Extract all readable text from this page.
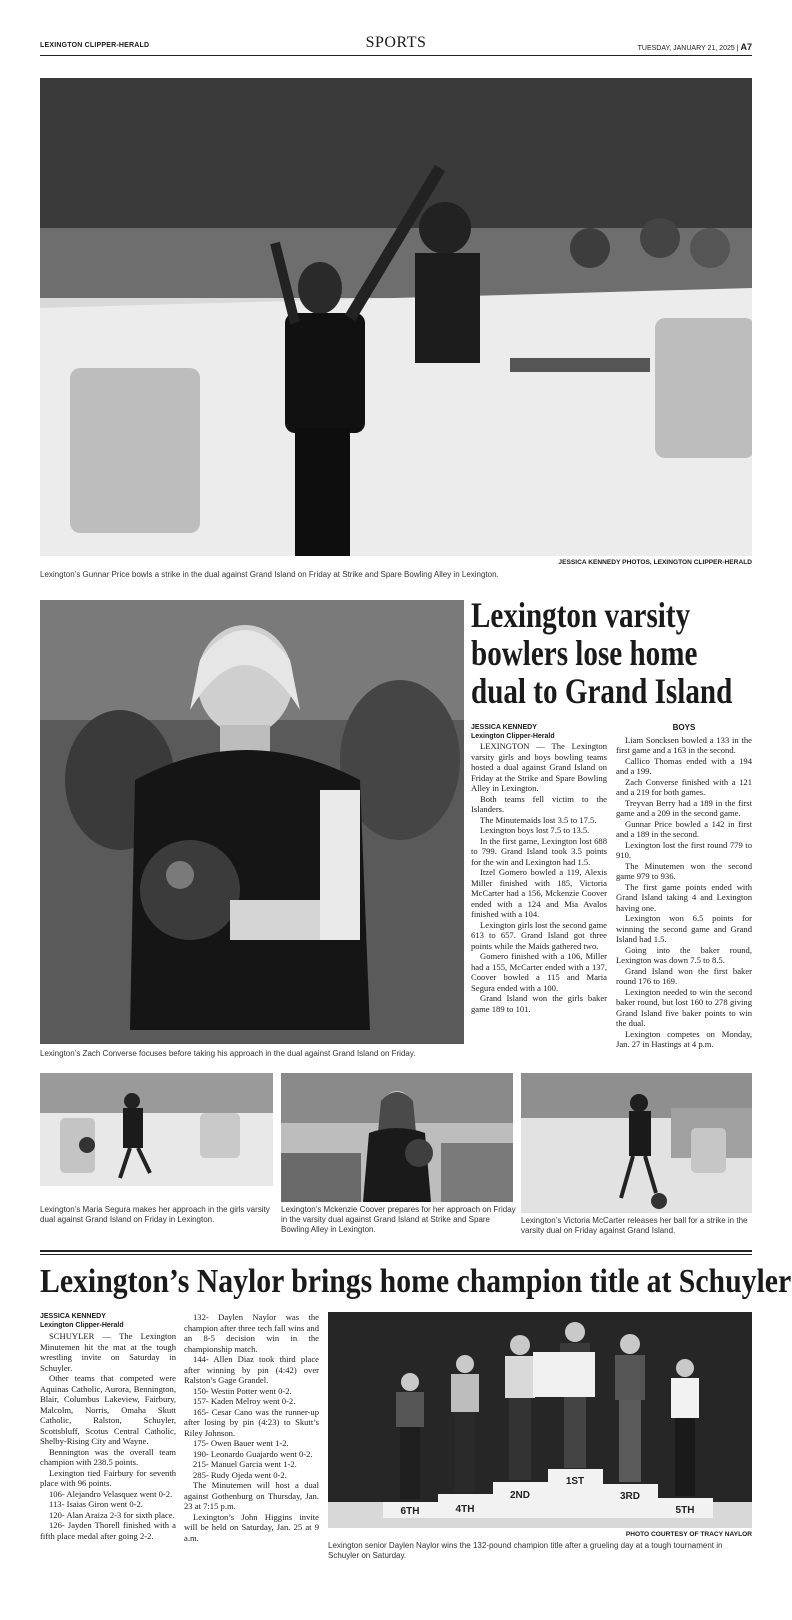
LEXINGTON CLIPPER-HERALD	SPORTS	TUESDAY, JANUARY 21, 2025 | A7
JESSICA KENNEDY PHOTOS, LEXINGTON CLIPPER-HERALD
Lexington’s Gunnar Price bowls a strike in the dual against Grand Island on Friday at Strike and Spare Bowling Alley in Lexington.
Lexington’s Zach Converse focuses before taking his approach in the dual against Grand Island on Friday.
Lexington varsity bowlers lose home dual to Grand Island
JESSICA KENNEDY
Lexington Clipper-Herald

LEXINGTON — The Lexington varsity girls and boys bowling teams hosted a dual against Grand Island on Friday at the Strike and Spare Bowling Alley in Lexington.

Both teams fell victim to the Islanders.

The Minutemaids lost 3.5 to 17.5.

Lexington boys lost 7.5 to 13.5.

In the first game, Lexington lost 688 to 799. Grand Island took 3.5 points for the win and Lexington had 1.5.

Itzel Gomero bowled a 119, Alexis Miller finished with 185, Victoria McCarter had a 156, Mckenzie Coover ended with a 124 and Mia Avalos finished with a 104.

Lexington girls lost the second game 613 to 657. Grand Island got three points while the Maids gathered two.

Gomero finished with a 106, Miller had a 155, McCarter ended with a 137, Coover bowled a 115 and Maria Segura ended with a 100.

Grand Island won the girls baker game 189 to 101.

BOYS

Liam Soncksen bowled a 133 in the first game and a 163 in the second.

Callico Thomas ended with a 194 and a 199.

Zach Converse finished with a 121 and a 219 for both games.

Treyvan Berry had a 189 in the first game and a 209 in the second game.

Gunnar Price bowled a 142 in first and a 189 in the second.

Lexington lost the first round 779 to 910.

The Minutemen won the second game 979 to 936.

The first game points ended with Grand Island taking 4 and Lexington having one.

Lexington won 6.5 points for winning the second game and Grand Island had 1.5.

Going into the baker round, Lexington was down 7.5 to 8.5.

Grand Island won the first baker round 176 to 169.

Lexington needed to win the second baker round, but lost 160 to 278 giving Grand Island five baker points to win the dual.

Lexington competes on Monday, Jan. 27 in Hastings at 4 p.m.

Lexington’s Maria Segura makes her approach in the girls varsity dual against Grand Island on Friday in Lexington.
Lexington’s Mckenzie Coover prepares for her approach on Friday in the varsity dual against Grand Island at Strike and Spare Bowling Alley in Lexington.
Lexington’s Victoria McCarter releases her ball for a strike in the varsity dual on Friday against Grand Island.
Lexington’s Naylor brings home champion title at Schuyler
JESSICA KENNEDY
Lexington Clipper-Herald

SCHUYLER — The Lexington Minutemen hit the mat at the tough wrestling invite on Saturday in Schuyler.

Other teams that competed were Aquinas Catholic, Aurora, Bennington, Blair, Columbus Lakeview, Fairbury, Malcolm, Norris, Omaha Skutt Catholic, Ralston, Schuyler, Scottsbluff, Scotus Central Catholic, Shelby-Rising City and Wayne.

Bennington was the overall team champion with 238.5 points.

Lexington tied Fairbury for seventh place with 96 points.

106- Alejandro Velasquez went 0-2.

113- Isaias Giron went 0-2.

120- Alan Araiza 2-3 for sixth place.

126- Jayden Thorell finished with a fifth place medal after going 2-2.

132- Daylen Naylor was the champion after three tech fall wins and an 8-5 decision win in the championship match.

144- Allen Diaz took third place after winning by pin (4:42) over Ralston’s Gage Grandel.

150- Westin Potter went 0-2.

157- Kaden Melroy went 0-2.

165- Cesar Cano was the runner-up after losing by pin (4:23) to Skutt’s Riley Johnson.

175- Owen Bauer went 1-2.

190- Leonardo Guajardo went 0-2.

215- Manuel Garcia went 1-2.

285- Rudy Ojeda went 0-2.

The Minutemen will host a dual against Gothenburg on Thursday, Jan. 23 at 7:15 p.m.

Lexington’s John Higgins invite will be held on Saturday, Jan. 25 at 9 a.m.

6TH	4TH
2ND
1ST
3RD
5TH
PHOTO COURTESY OF TRACY NAYLOR
Lexington senior Daylen Naylor wins the 132-pound champion title after a grueling day at a tough tournament in Schuyler on Saturday.
